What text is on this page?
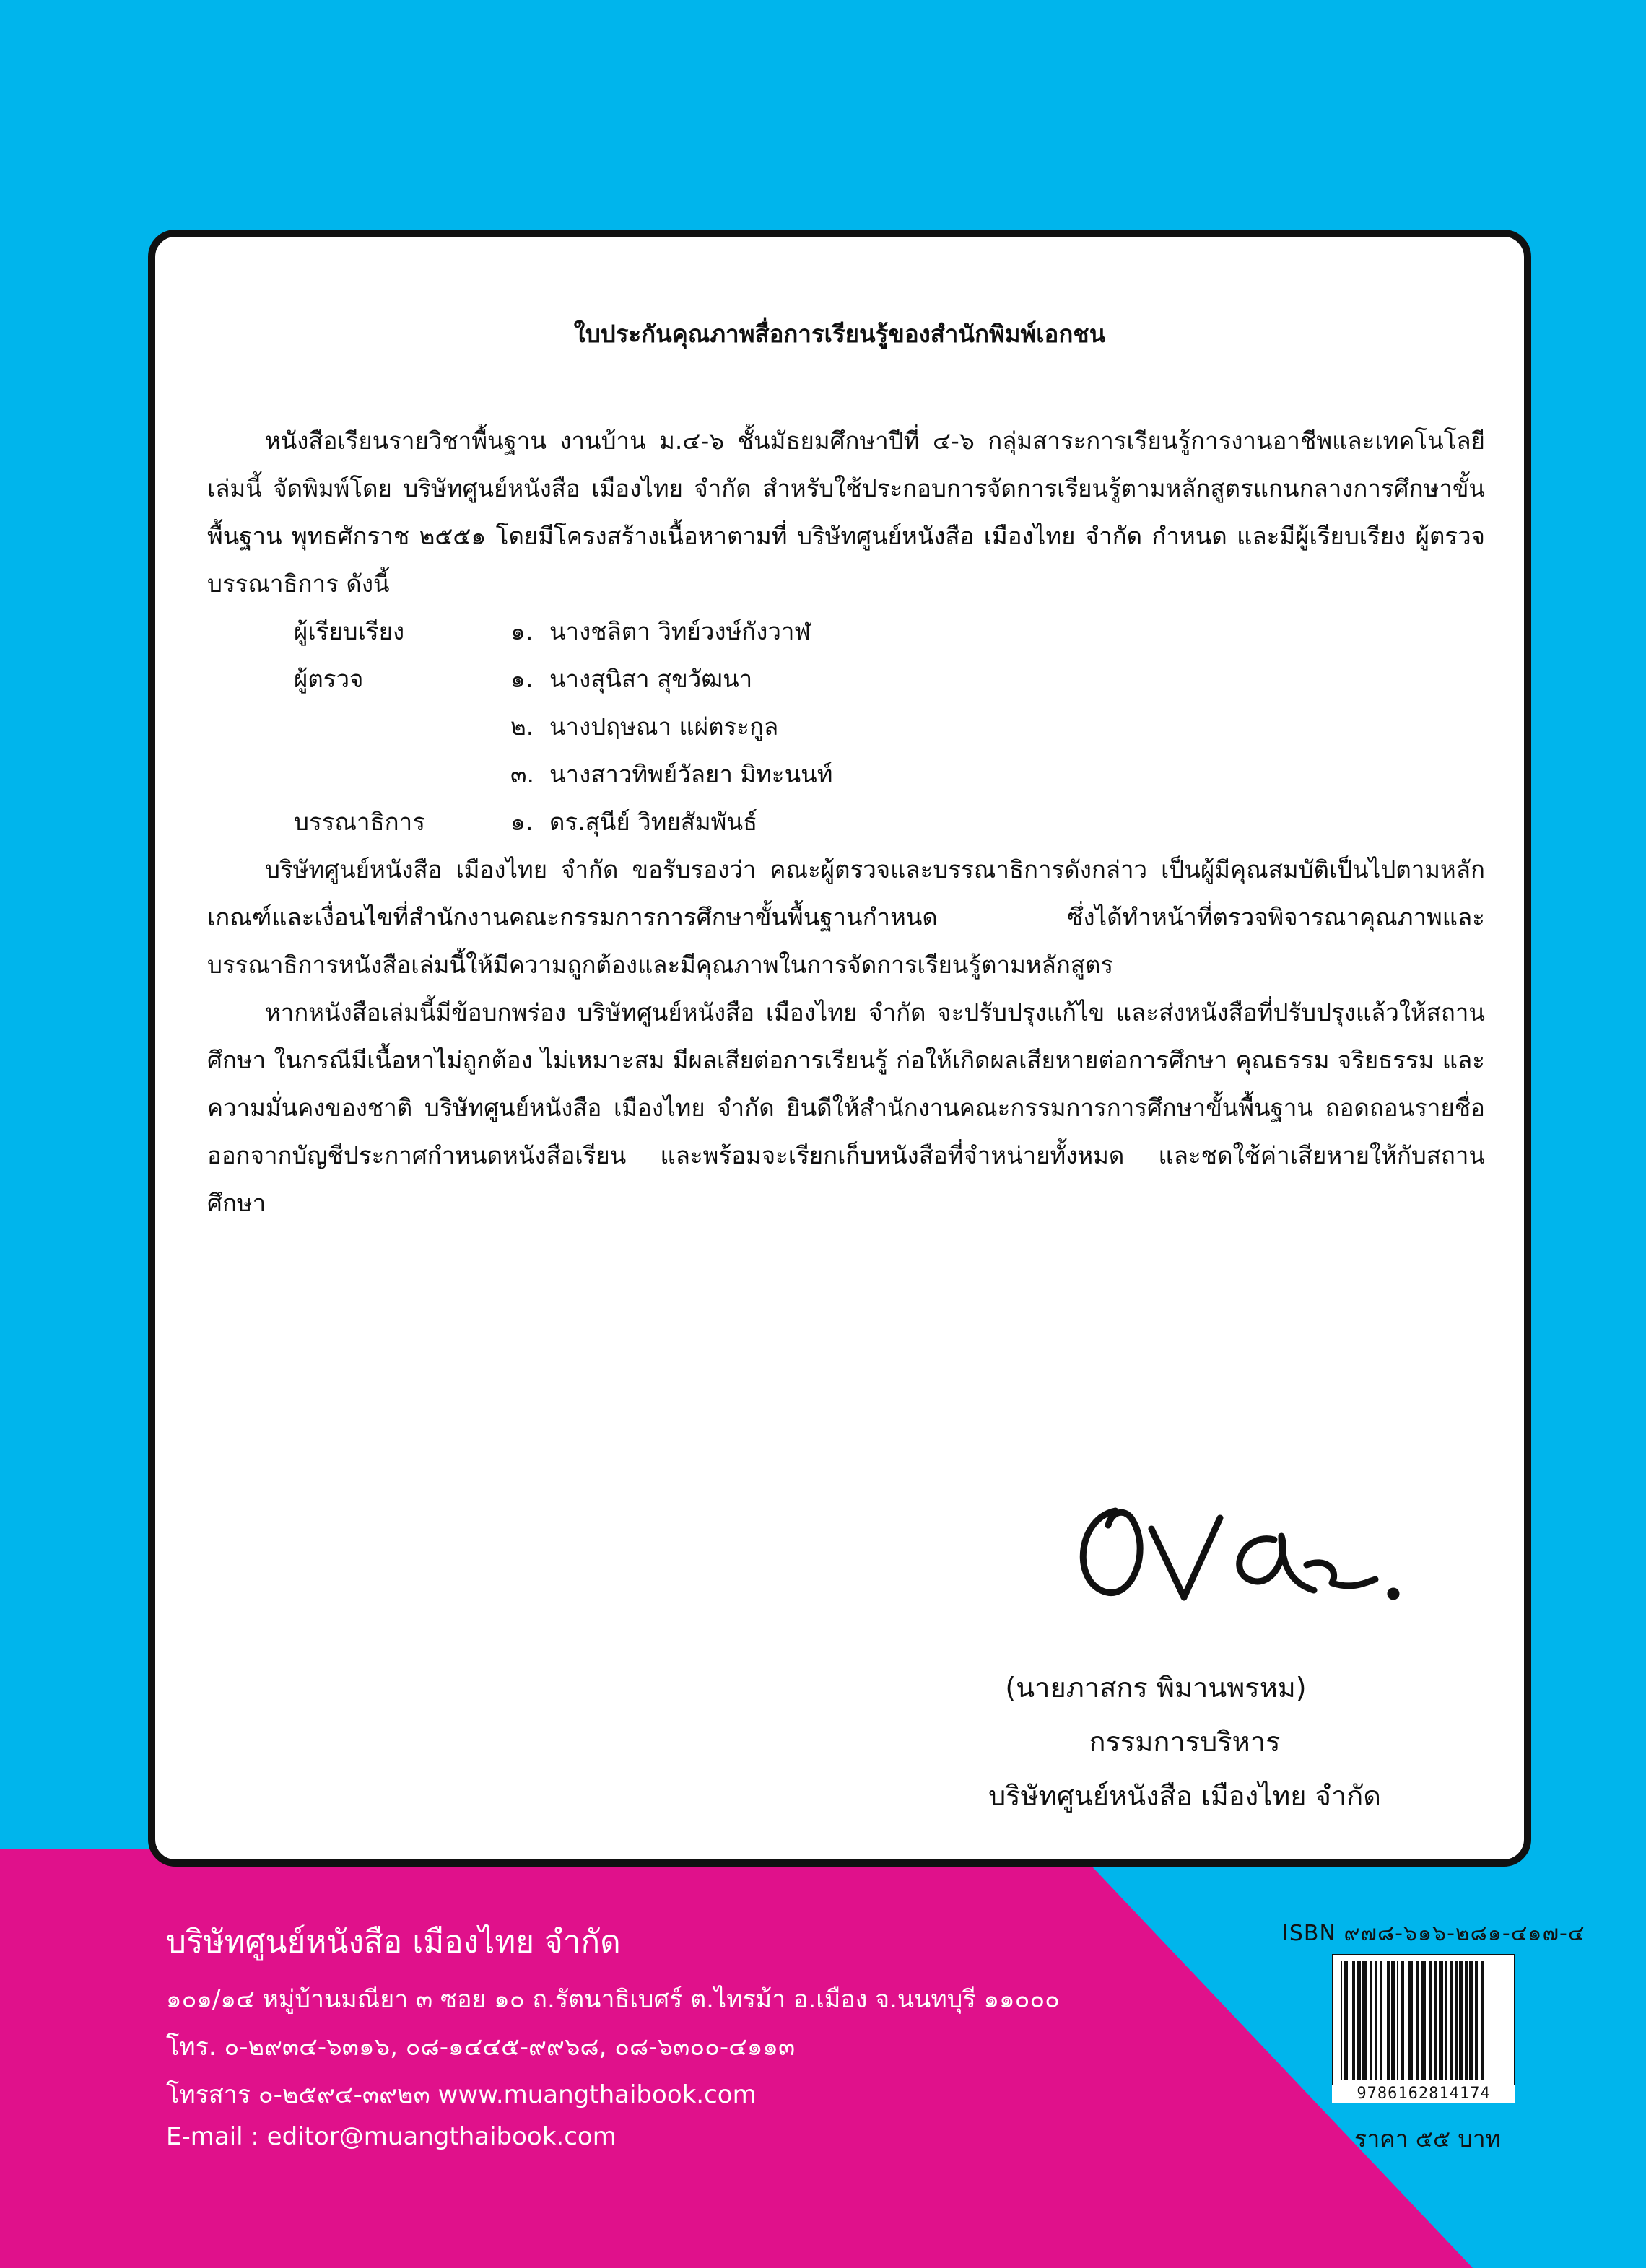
ใบประกันคุณภาพสื่อการเรียนรู้ของสำนักพิมพ์เอกชน

หนังสือเรียนรายวิชาพื้นฐาน งานบ้าน ม.๔-๖ ชั้นมัธยมศึกษาปีที่ ๔-๖ กลุ่มสาระการเรียนรู้การงานอาชีพและเทคโนโลยี เล่มนี้ จัดพิมพ์โดย บริษัทศูนย์หนังสือ เมืองไทย จำกัด สำหรับใช้ประกอบการจัดการเรียนรู้ตามหลักสูตรแกนกลางการศึกษาขั้นพื้นฐาน พุทธศักราช ๒๕๕๑ โดยมีโครงสร้างเนื้อหาตามที่ บริษัทศูนย์หนังสือ เมืองไทย จำกัด กำหนด และมีผู้เรียบเรียง ผู้ตรวจ บรรณาธิการ ดังนี้

ผู้เรียบเรียง	๑. นางชลิตา วิทย์วงษ์กังวาฬ
ผู้ตรวจ	๑. นางสุนิสา สุขวัฒนา
๒. นางปฤษณา แผ่ตระกูล
๓. นางสาวทิพย์วัลยา มิทะนนท์
บรรณาธิการ	๑. ดร.สุนีย์ วิทยสัมพันธ์

บริษัทศูนย์หนังสือ เมืองไทย จำกัด ขอรับรองว่า คณะผู้ตรวจและบรรณาธิการดังกล่าว เป็นผู้มีคุณสมบัติเป็นไปตามหลักเกณฑ์และเงื่อนไขที่สำนักงานคณะกรรมการการศึกษาขั้นพื้นฐานกำหนด ซึ่งได้ทำหน้าที่ตรวจพิจารณาคุณภาพและบรรณาธิการหนังสือเล่มนี้ให้มีความถูกต้องและมีคุณภาพในการจัดการเรียนรู้ตามหลักสูตร

หากหนังสือเล่มนี้มีข้อบกพร่อง บริษัทศูนย์หนังสือ เมืองไทย จำกัด จะปรับปรุงแก้ไข และส่งหนังสือที่ปรับปรุงแล้วให้สถานศึกษา ในกรณีมีเนื้อหาไม่ถูกต้อง ไม่เหมาะสม มีผลเสียต่อการเรียนรู้ ก่อให้เกิดผลเสียหายต่อการศึกษา คุณธรรม จริยธรรม และความมั่นคงของชาติ บริษัทศูนย์หนังสือ เมืองไทย จำกัด ยินดีให้สำนักงานคณะกรรมการการศึกษาขั้นพื้นฐาน ถอดถอนรายชื่อออกจากบัญชีประกาศกำหนดหนังสือเรียน และพร้อมจะเรียกเก็บหนังสือที่จำหน่ายทั้งหมด และชดใช้ค่าเสียหายให้กับสถานศึกษา

(นายภาสกร พิมานพรหม)
กรรมการบริหาร
บริษัทศูนย์หนังสือ เมืองไทย จำกัด
บริษัทศูนย์หนังสือ เมืองไทย จำกัด
๑๐๑/๑๔ หมู่บ้านมณียา ๓ ซอย ๑๐ ถ.รัตนาธิเบศร์ ต.ไทรม้า อ.เมือง จ.นนทบุรี ๑๑๐๐๐
โทร. ๐-๒๙๓๔-๖๓๑๖, ๐๘-๑๔๔๕-๙๙๖๘, ๐๘-๖๓๐๐-๔๑๑๓
โทรสาร ๐-๒๕๙๔-๓๙๒๓ www.muangthaibook.com
E-mail : editor@muangthaibook.com
ISBN ๙๗๘-๖๑๖-๒๘๑-๔๑๗-๔
9786162814174
ราคา ๕๕ บาท
